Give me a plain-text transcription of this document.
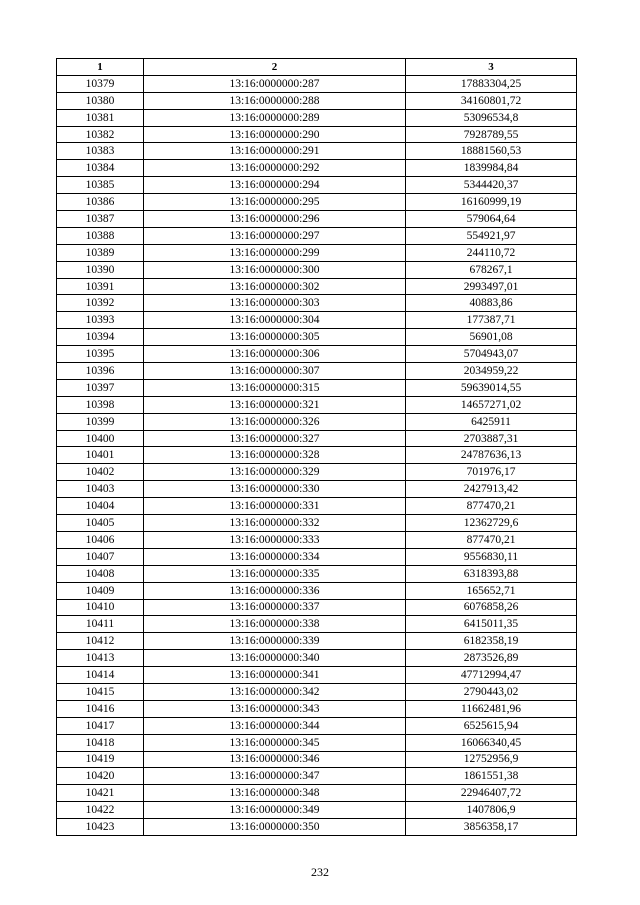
1	2	3
10379	13:16:0000000:287	17883304,25
10380	13:16:0000000:288	34160801,72
10381	13:16:0000000:289	53096534,8
10382	13:16:0000000:290	7928789,55
10383	13:16:0000000:291	18881560,53
10384	13:16:0000000:292	1839984,84
10385	13:16:0000000:294	5344420,37
10386	13:16:0000000:295	16160999,19
10387	13:16:0000000:296	579064,64
10388	13:16:0000000:297	554921,97
10389	13:16:0000000:299	244110,72
10390	13:16:0000000:300	678267,1
10391	13:16:0000000:302	2993497,01
10392	13:16:0000000:303	40883,86
10393	13:16:0000000:304	177387,71
10394	13:16:0000000:305	56901,08
10395	13:16:0000000:306	5704943,07
10396	13:16:0000000:307	2034959,22
10397	13:16:0000000:315	59639014,55
10398	13:16:0000000:321	14657271,02
10399	13:16:0000000:326	6425911
10400	13:16:0000000:327	2703887,31
10401	13:16:0000000:328	24787636,13
10402	13:16:0000000:329	701976,17
10403	13:16:0000000:330	2427913,42
10404	13:16:0000000:331	877470,21
10405	13:16:0000000:332	12362729,6
10406	13:16:0000000:333	877470,21
10407	13:16:0000000:334	9556830,11
10408	13:16:0000000:335	6318393,88
10409	13:16:0000000:336	165652,71
10410	13:16:0000000:337	6076858,26
10411	13:16:0000000:338	6415011,35
10412	13:16:0000000:339	6182358,19
10413	13:16:0000000:340	2873526,89
10414	13:16:0000000:341	47712994,47
10415	13:16:0000000:342	2790443,02
10416	13:16:0000000:343	11662481,96
10417	13:16:0000000:344	6525615,94
10418	13:16:0000000:345	16066340,45
10419	13:16:0000000:346	12752956,9
10420	13:16:0000000:347	1861551,38
10421	13:16:0000000:348	22946407,72
10422	13:16:0000000:349	1407806,9
10423	13:16:0000000:350	3856358,17
232
